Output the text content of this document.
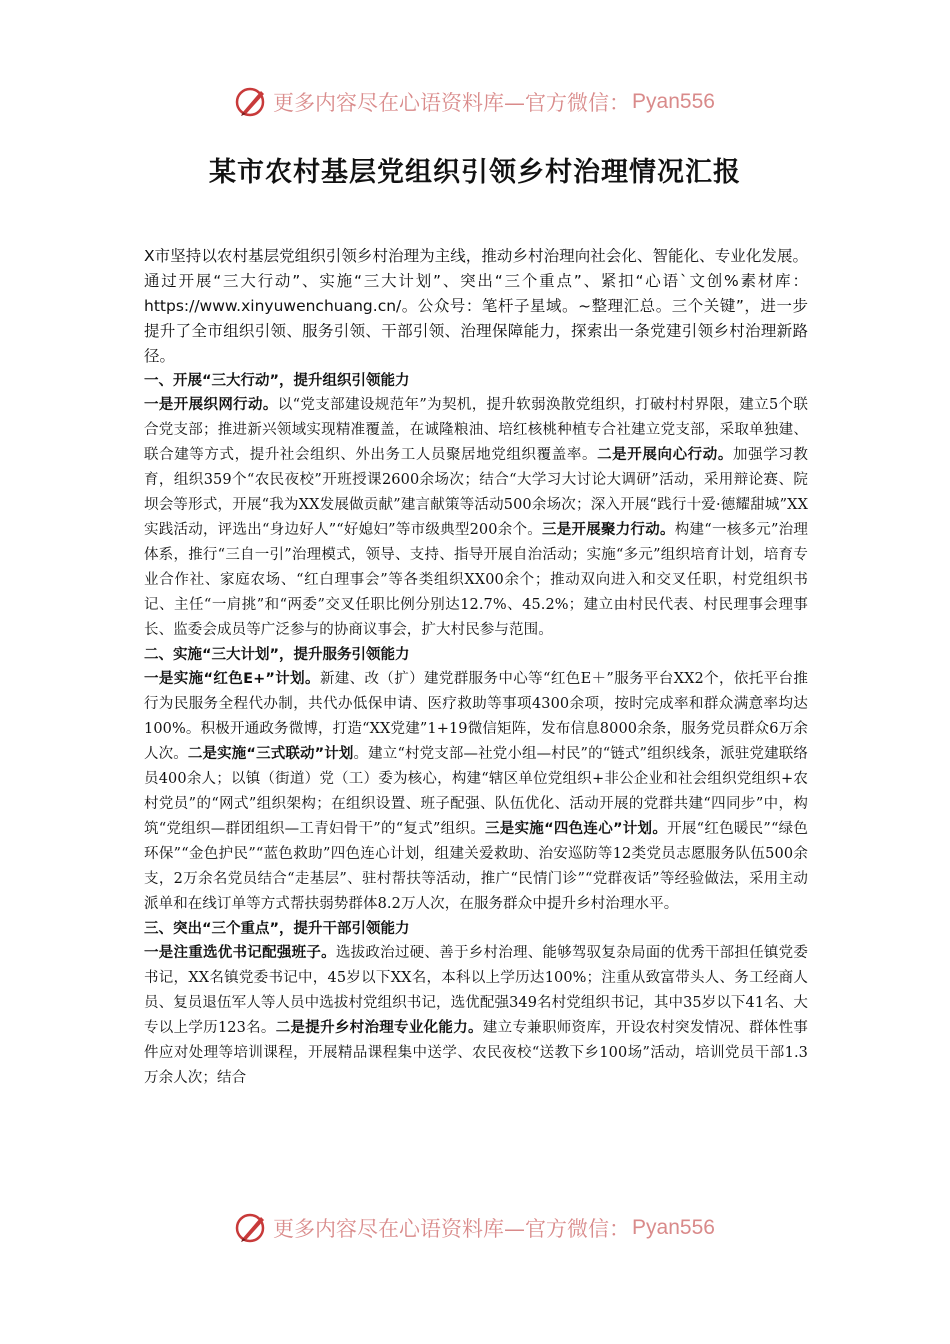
更多内容尽在心语资料库—官方微信： Pyan556
某市农村基层党组织引领乡村治理情况汇报

X市坚持以农村基层党组织引领乡村治理为主线，推动乡村治理向社会化、智能化、专业化发展。通过开展“三大行动”、实施“三大计划”、突出“三个重点”、紧扣“心语`文创%素材库：https://www.xinyuwenchuang.cn/。公众号：笔杆子星域。~整理汇总。三个关键”，进一步提升了全市组织引领、服务引领、干部引领、治理保障能力，探索出一条党建引领乡村治理新路径。

一、开展“三大行动”，提升组织引领能力

一是开展织网行动。以“党支部建设规范年”为契机，提升软弱涣散党组织，打破村村界限，建立5个联合党支部；推进新兴领域实现精准覆盖，在诚隆粮油、培红核桃种植专合社建立党支部，采取单独建、联合建等方式，提升社会组织、外出务工人员聚居地党组织覆盖率。二是开展向心行动。加强学习教育，组织359个“农民夜校”开班授课2600余场次；结合“大学习大讨论大调研”活动，采用辩论赛、院坝会等形式，开展“我为XX发展做贡献”建言献策等活动500余场次；深入开展“践行十爱·德耀甜城”XX实践活动，评选出“身边好人”“好媳妇”等市级典型200余个。三是开展聚力行动。构建“一核多元”治理体系，推行“三自一引”治理模式，领导、支持、指导开展自治活动；实施“多元”组织培育计划，培育专业合作社、家庭农场、“红白理事会”等各类组织XX00余个；推动双向进入和交叉任职，村党组织书记、主任“一肩挑”和“两委”交叉任职比例分别达12.7%、45.2%；建立由村民代表、村民理事会理事长、监委会成员等广泛参与的协商议事会，扩大村民参与范围。

二、实施“三大计划”，提升服务引领能力

一是实施“红色E+”计划。新建、改（扩）建党群服务中心等“红色E＋”服务平台XX2个，依托平台推行为民服务全程代办制，共代办低保申请、医疗救助等事项4300余项，按时完成率和群众满意率均达100%。积极开通政务微博，打造“XX党建”1+19微信矩阵，发布信息8000余条，服务党员群众6万余人次。二是实施“三式联动”计划。建立“村党支部—社党小组—村民”的“链式”组织线条，派驻党建联络员400余人；以镇（街道）党（工）委为核心，构建“辖区单位党组织+非公企业和社会组织党组织+农村党员”的“网式”组织架构；在组织设置、班子配强、队伍优化、活动开展的党群共建“四同步”中，构筑“党组织—群团组织—工青妇骨干”的“复式”组织。三是实施“四色连心”计划。开展“红色暖民”“绿色环保”“金色护民”“蓝色救助”四色连心计划，组建关爱救助、治安巡防等12类党员志愿服务队伍500余支，2万余名党员结合“走基层”、驻村帮扶等活动，推广“民情门诊”“党群夜话”等经验做法，采用主动派单和在线订单等方式帮扶弱势群体8.2万人次，在服务群众中提升乡村治理水平。

三、突出“三个重点”，提升干部引领能力

一是注重选优书记配强班子。选拔政治过硬、善于乡村治理、能够驾驭复杂局面的优秀干部担任镇党委书记，XX名镇党委书记中，45岁以下XX名，本科以上学历达100%；注重从致富带头人、务工经商人员、复员退伍军人等人员中选拔村党组织书记，选优配强349名村党组织书记，其中35岁以下41名、大专以上学历123名。二是提升乡村治理专业化能力。建立专兼职师资库，开设农村突发情况、群体性事件应对处理等培训课程，开展精品课程集中送学、农民夜校“送教下乡100场”活动，培训党员干部1.3万余人次；结合

更多内容尽在心语资料库—官方微信： Pyan556
